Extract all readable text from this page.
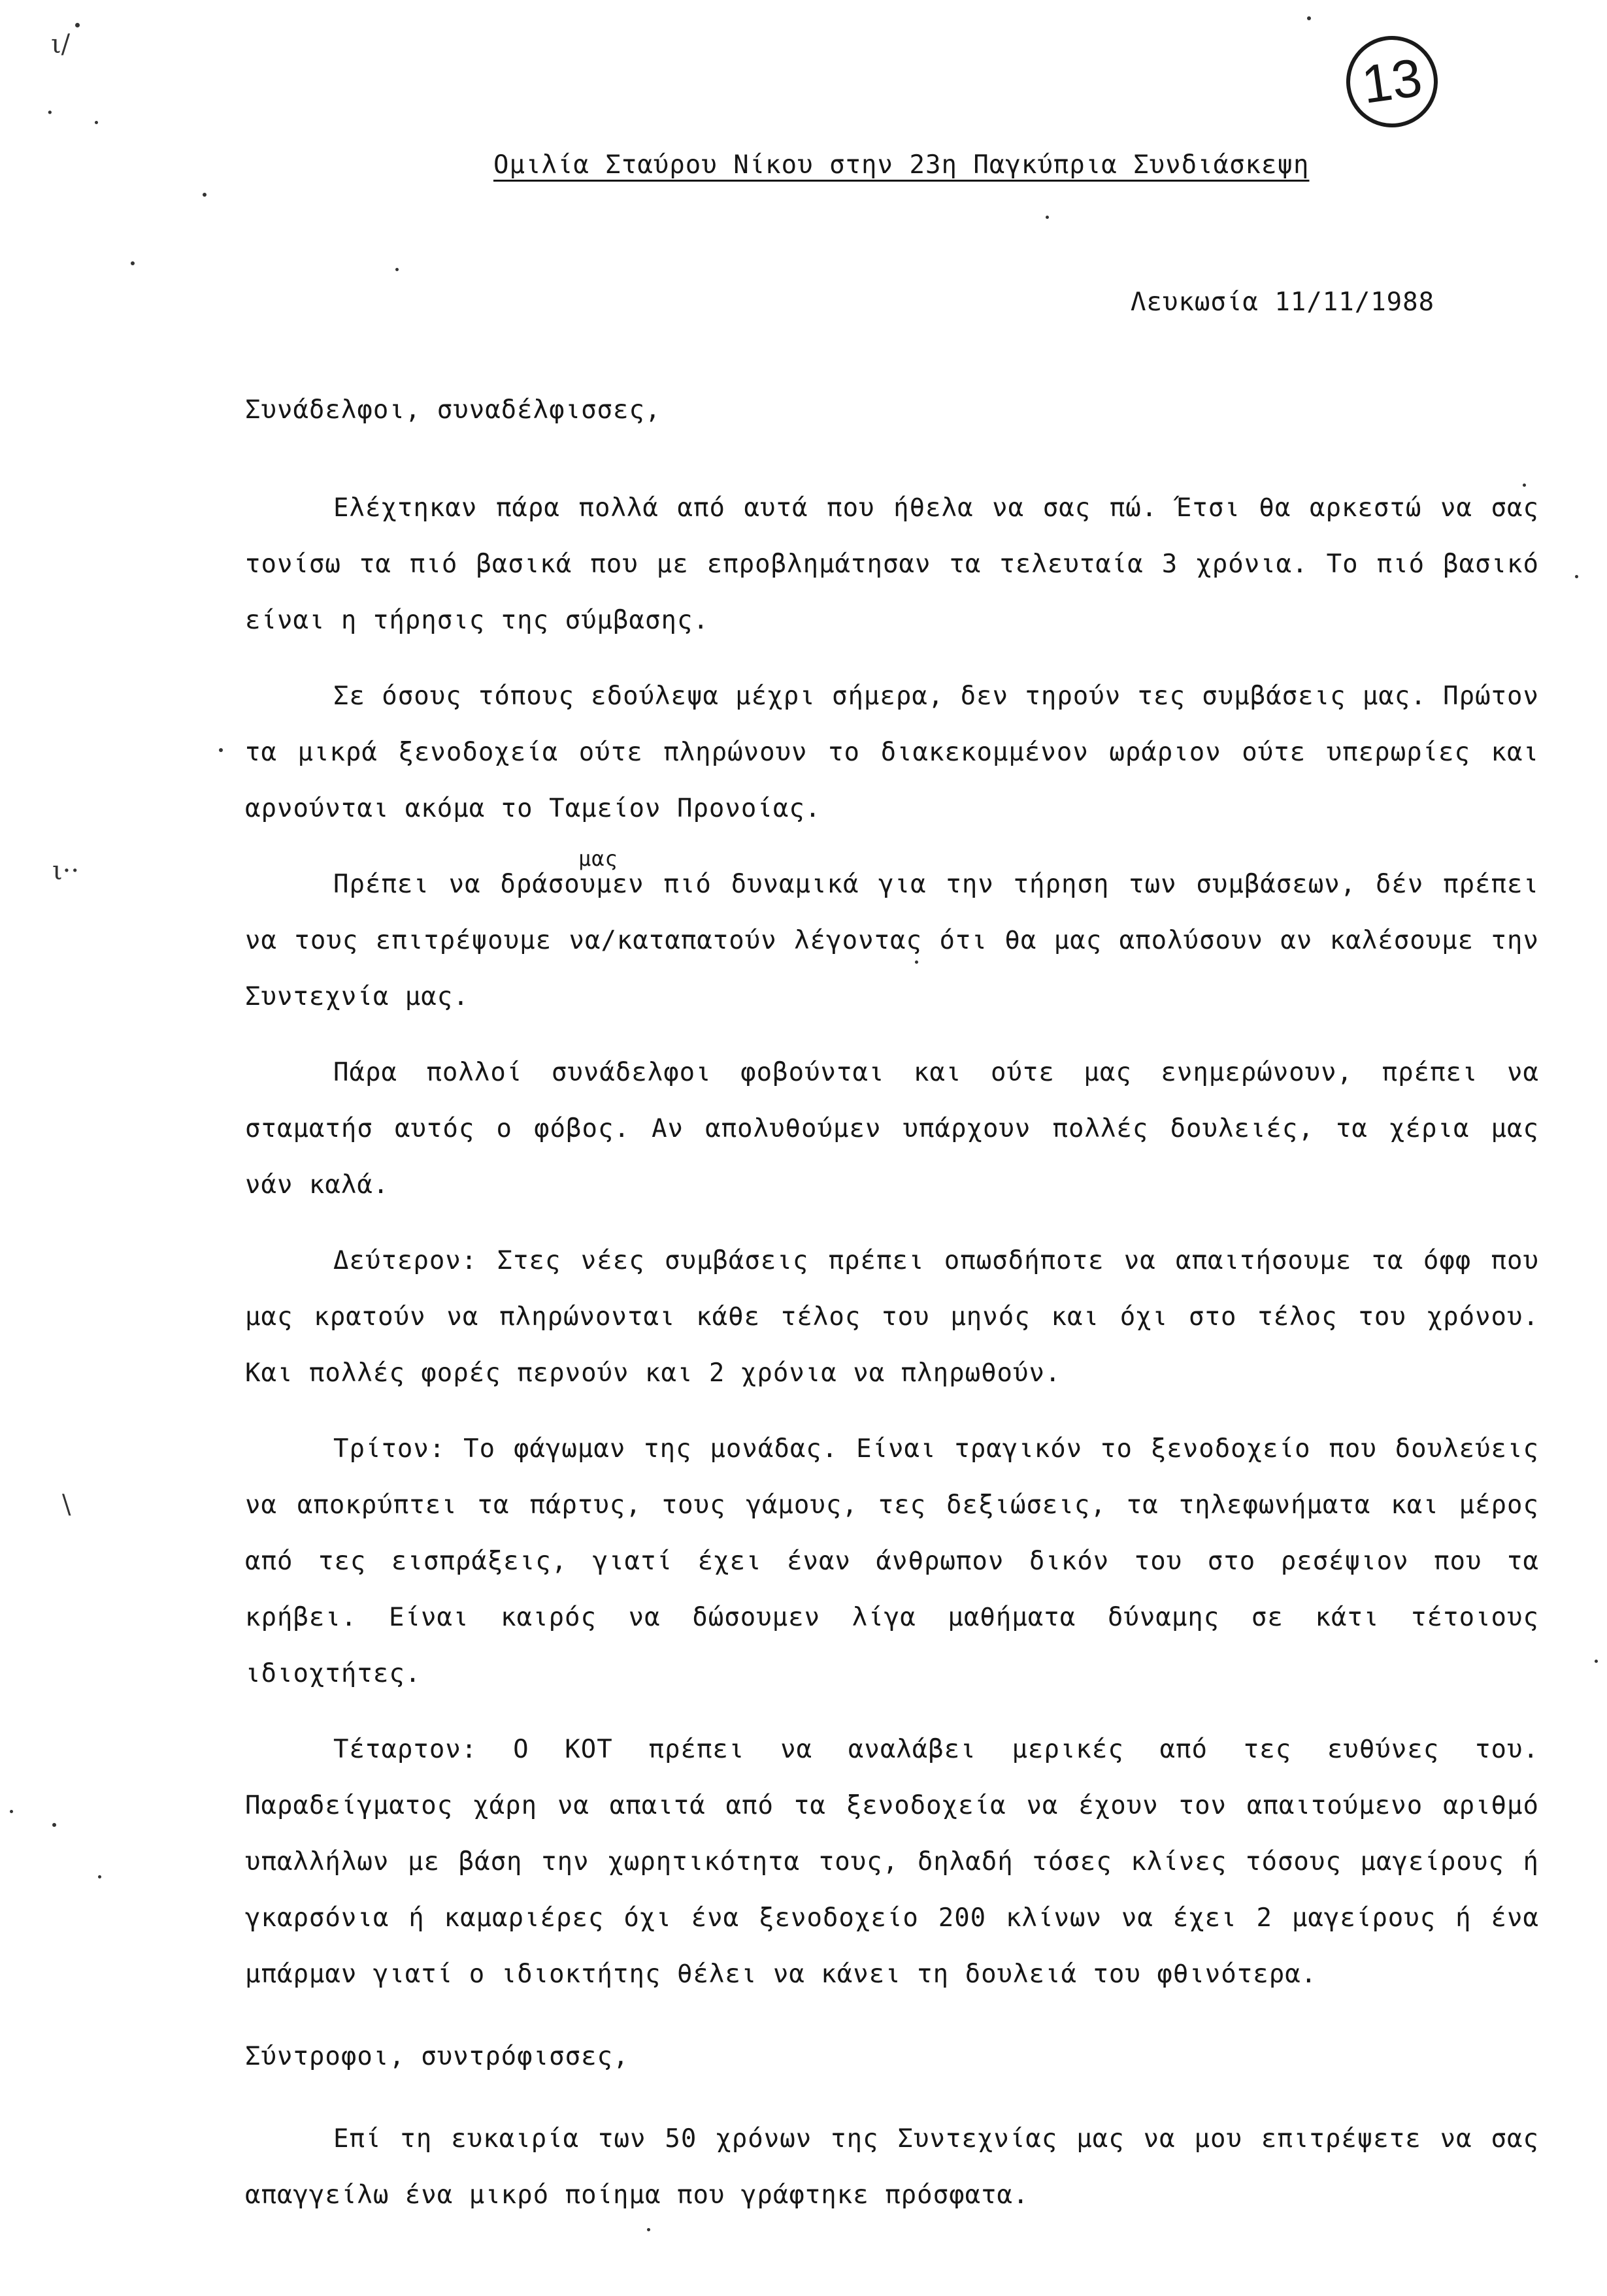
13
Ομιλία Σταύρου Νίκου στην 23η Παγκύπρια Συνδιάσκεψη
Λευκωσία 11/11/1988
Συνάδελφοι, συναδέλφισσες,

Ελέχτηκαν πάρα πολλά από αυτά που ήθελα να σας πώ. Έτσι θα αρκεστώ να σας τονίσω τα πιό βασικά που με επροβλημάτησαν τα τελευταία 3 χρόνια. Το πιό βασικό είναι η τήρησις της σύμβασης.

Σε όσους τόπους εδούλεψα μέχρι σήμερα, δεν τηρούν τες συμβάσεις μας. Πρώτον τα μικρά ξενοδοχεία ούτε πληρώνουν το διακεκομμένον ωράριον ούτε υπερωρίες και αρνούνται ακόμα το Ταμείον Προνοίας.

Πρέπει να δράσουμεν πιό δυναμικά για την τήρηση των συμβάσεων, δέν πρέπει να τους επιτρέψουμε να/καταπατούν λέγοντας ότι θα μας απολύσουν αν καλέσουμε την Συντεχνία μας.

Πάρα πολλοί συνάδελφοι φοβούνται και ούτε μας ενημερώνουν, πρέπει να σταματήσ αυτός ο φόβος. Αν απολυθούμεν υπάρχουν πολλές δουλειές, τα χέρια μας νάν καλά.

Δεύτερον: Στες νέες συμβάσεις πρέπει οπωσδήποτε να απαιτήσουμε τα όφφ που μας κρατούν να πληρώνονται κάθε τέλος του μηνός και όχι στο τέλος του χρόνου. Και πολλές φορές περνούν και 2 χρόνια να πληρωθούν.

Τρίτον: Το φάγωμαν της μονάδας. Είναι τραγικόν το ξενοδοχείο που δουλεύεις να αποκρύπτει τα πάρτυς, τους γάμους, τες δεξιώσεις, τα τηλεφωνήματα και μέρος από τες εισπράξεις, γιατί έχει έναν άνθρωπον δικόν του στο ρεσέψιον που τα κρήβει. Είναι καιρός να δώσουμεν λίγα μαθήματα δύναμης σε κάτι τέτοιους ιδιοχτήτες.

Τέταρτον: Ο ΚΟΤ πρέπει να αναλάβει μερικές από τες ευθύνες του. Παραδείγματος χάρη να απαιτά από τα ξενοδοχεία να έχουν τον απαιτούμενο αριθμό υπαλλήλων με βάση την χωρητικότητα τους, δηλαδή τόσες κλίνες τόσους μαγείρους ή γκαρσόνια ή καμαριέρες όχι ένα ξενοδοχείο 200 κλίνων να έχει 2 μαγείρους ή ένα μπάρμαν γιατί ο ιδιοκτήτης θέλει να κάνει τη δουλειά του φθινότερα.

Σύντροφοι, συντρόφισσες,

Επί τη ευκαιρία των 50 χρόνων της Συντεχνίας μας να μου επιτρέψετε να σας απαγγείλω ένα μικρό ποίημα που γράφτηκε πρόσφατα.

μας
ι/
·
ι··
\
